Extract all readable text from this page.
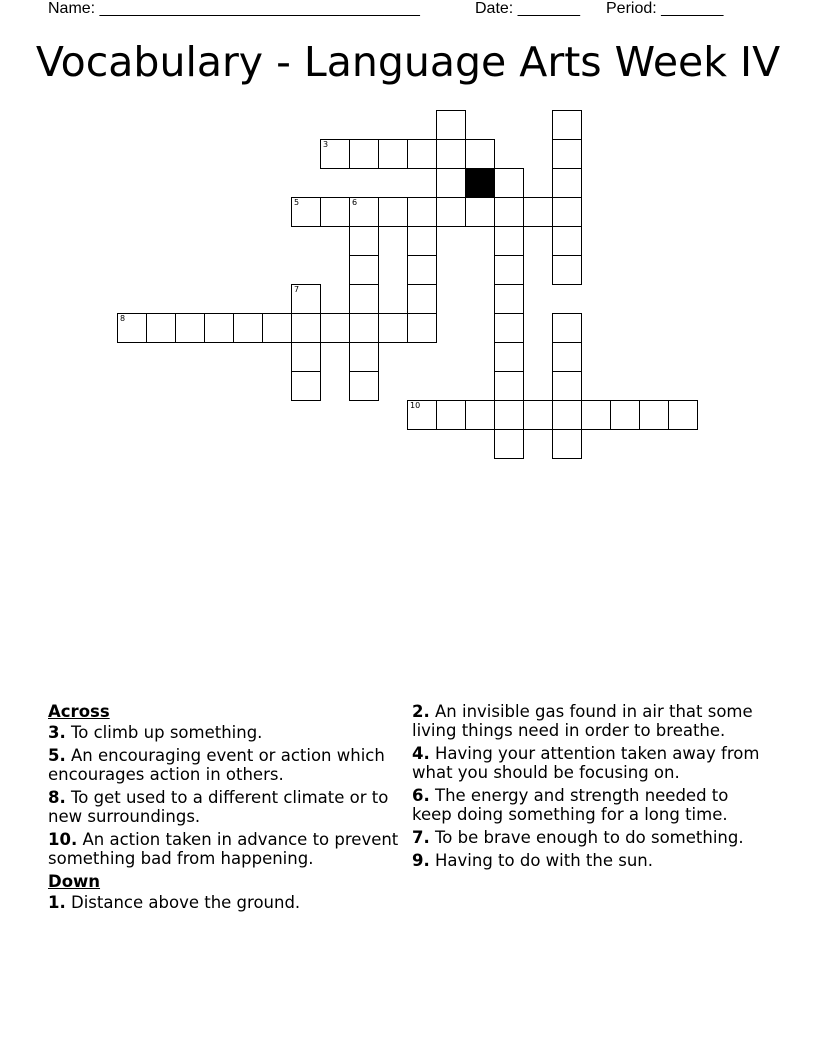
Name: ____________________________________	Date: _______ Period: _______
Vocabulary - Language Arts Week IV
3
5	6
7
8
10
4
Across
3. To climb up something.
5. An encouraging event or action which encourages action in others.
8. To get used to a different climate or to new surroundings.
10. An action taken in advance to prevent something bad from happening.
Down
1. Distance above the ground.
2. An invisible gas found in air that some living things need in order to breathe.
4. Having your attention taken away from what you should be focusing on.
6. The energy and strength needed to keep doing something for a long time.
7. To be brave enough to do something.
9. Having to do with the sun.
